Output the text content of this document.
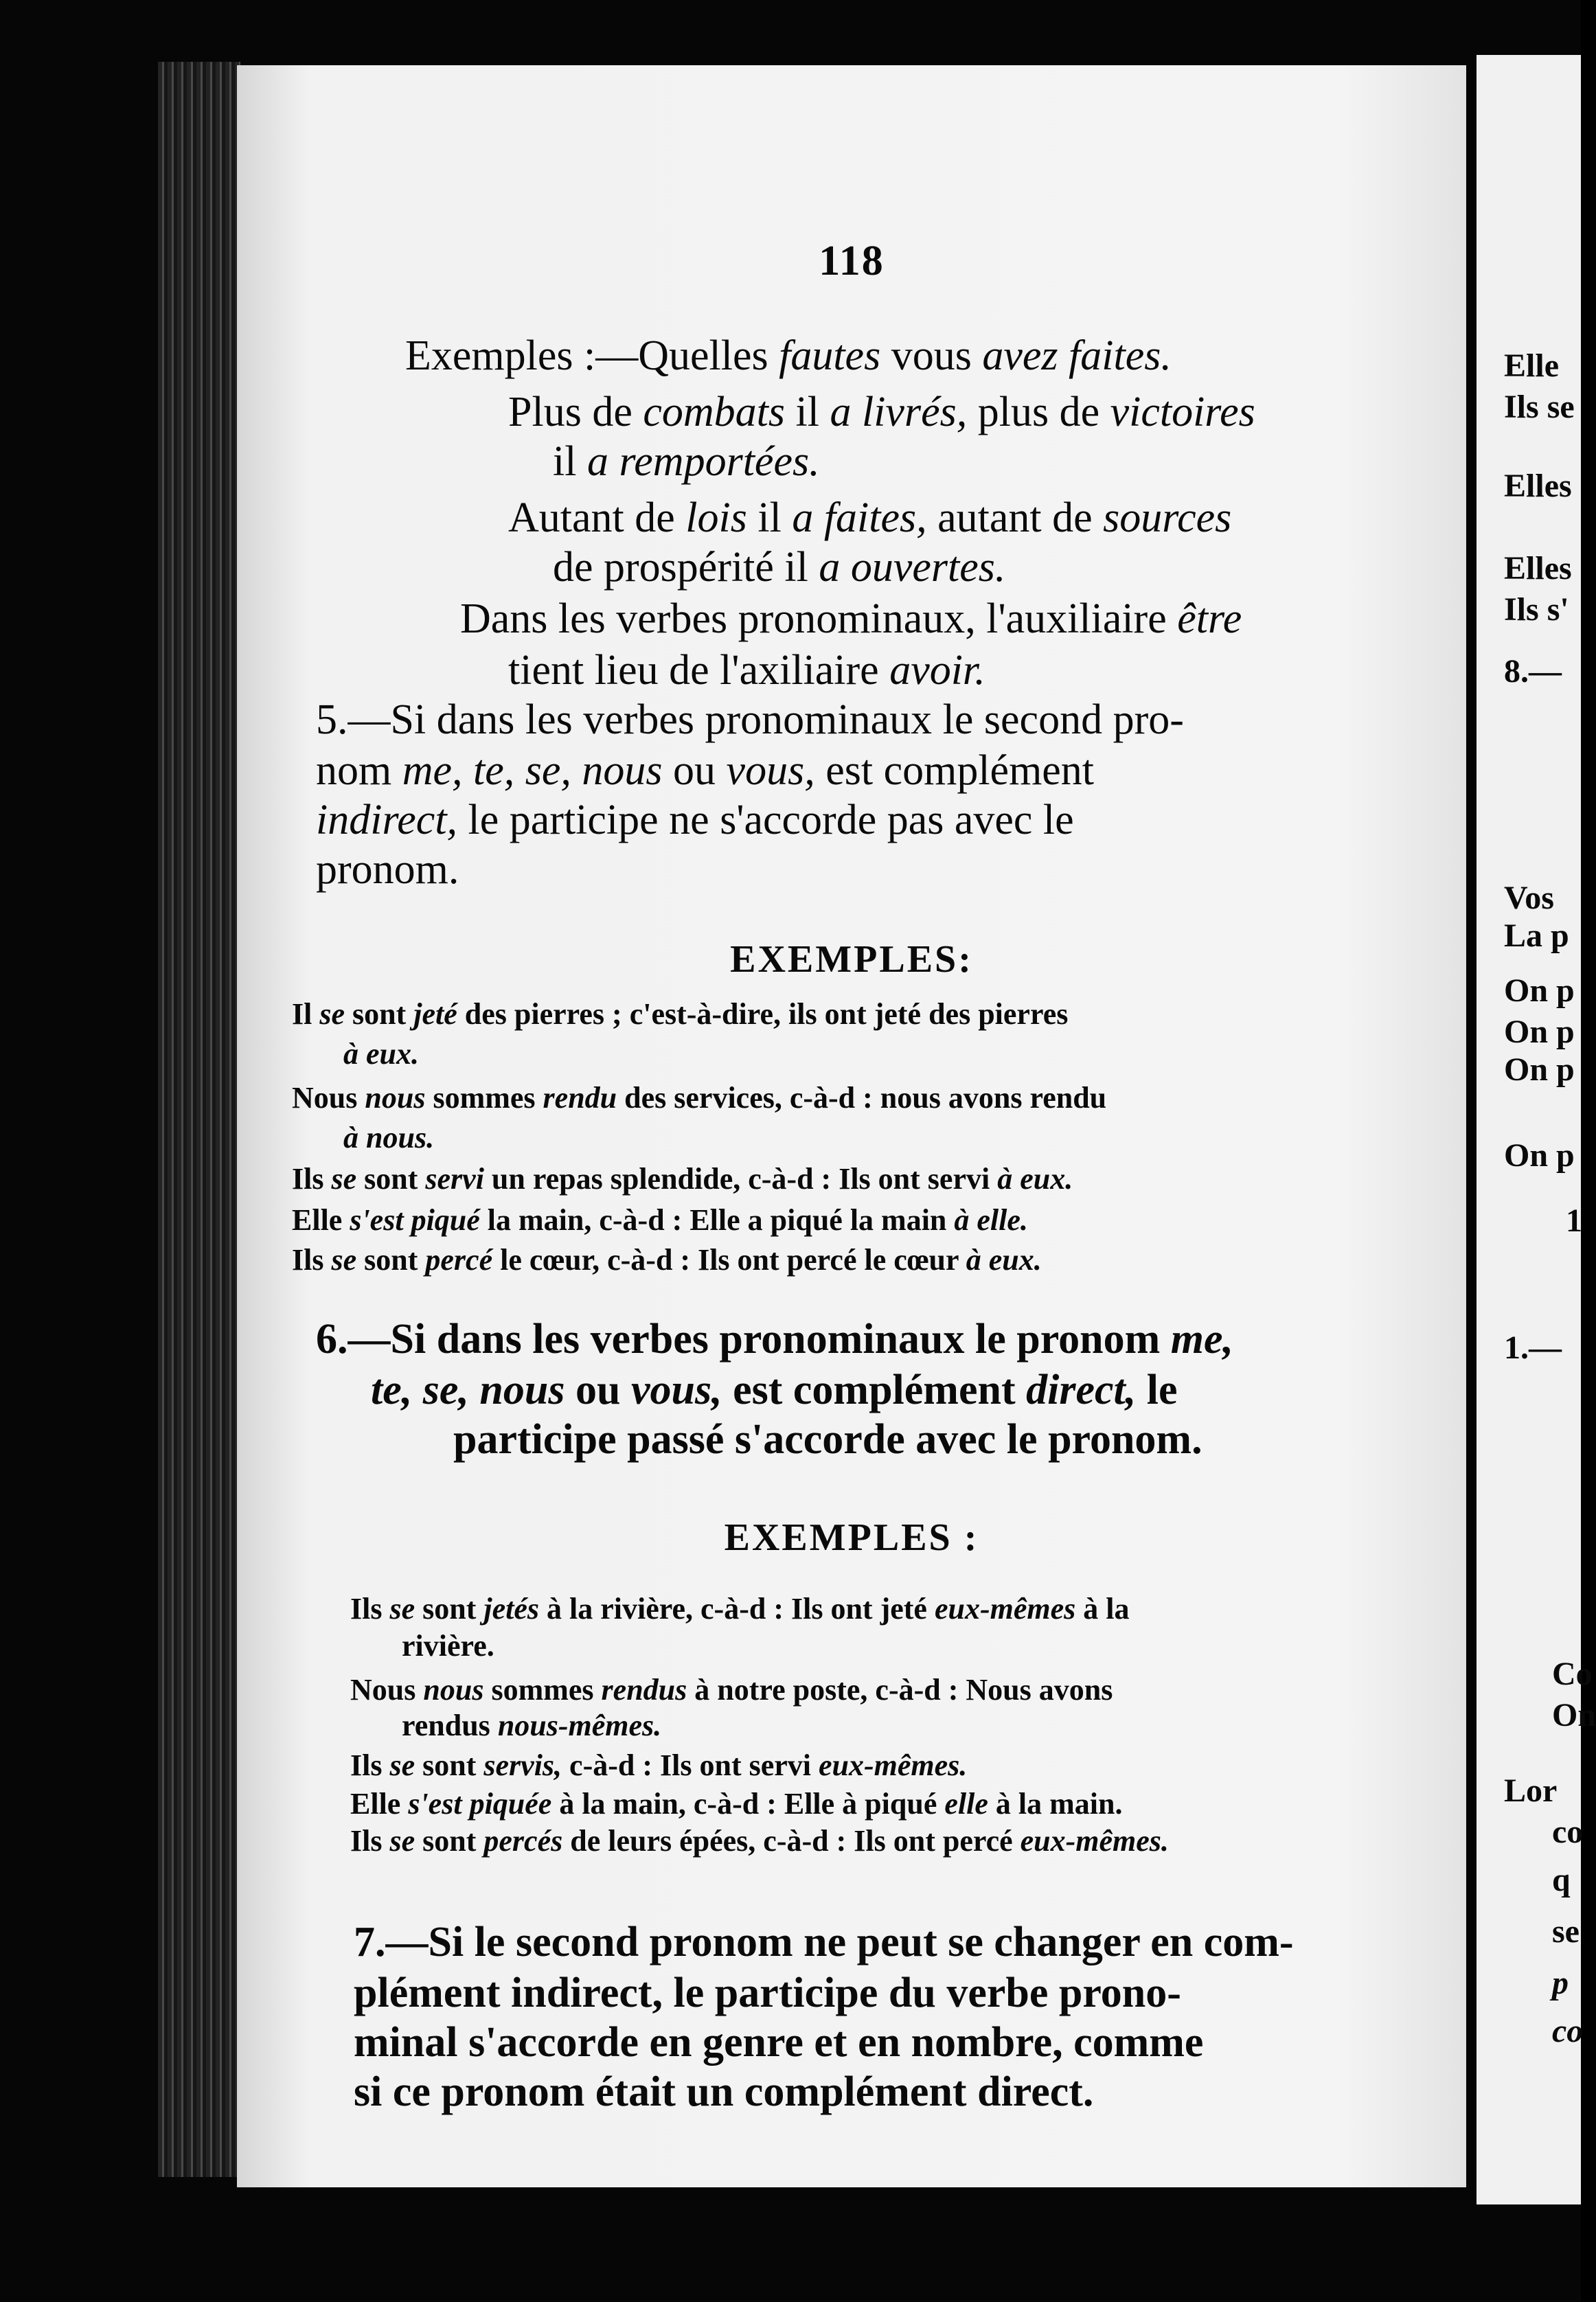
118
Exemples :—Quelles fautes vous avez faites.
Plus de combats il a livrés, plus de victoires
il a remportées.
Autant de lois il a faites, autant de sources
de prospérité il a ouvertes.
Dans les verbes pronominaux, l'auxiliaire être
tient lieu de l'axiliaire avoir.
5.—Si dans les verbes pronominaux le second pro-
nom me, te, se, nous ou vous, est complément
indirect, le participe ne s'accorde pas avec le
pronom.
EXEMPLES:
Il se sont jeté des pierres ; c'est-à-dire, ils ont jeté des pierres
à eux.
Nous nous sommes rendu des services, c-à-d : nous avons rendu
à nous.
Ils se sont servi un repas splendide, c-à-d : Ils ont servi à eux.
Elle s'est piqué la main, c-à-d : Elle a piqué la main à elle.
Ils se sont percé le cœur, c-à-d : Ils ont percé le cœur à eux.
6.—Si dans les verbes pronominaux le pronom me,
te, se, nous ou vous, est complément direct, le
participe passé s'accorde avec le pronom.
EXEMPLES :
Ils se sont jetés à la rivière, c-à-d : Ils ont jeté eux-mêmes à la
rivière.
Nous nous sommes rendus à notre poste, c-à-d : Nous avons
rendus nous-mêmes.
Ils se sont servis, c-à-d : Ils ont servi eux-mêmes.
Elle s'est piquée à la main, c-à-d : Elle à piqué elle à la main.
Ils se sont percés de leurs épées, c-à-d : Ils ont percé eux-mêmes.
7.—Si le second pronom ne peut se changer en com-
plément indirect, le participe du verbe prono-
minal s'accorde en genre et en nombre, comme
si ce pronom était un complément direct.
Elle
Ils se
Elles
Elles
Ils s'
8.—
Vos
La p
On p
On p
On p
On p
1
1.—
Co
On
Lor
co
q
se
p
co
